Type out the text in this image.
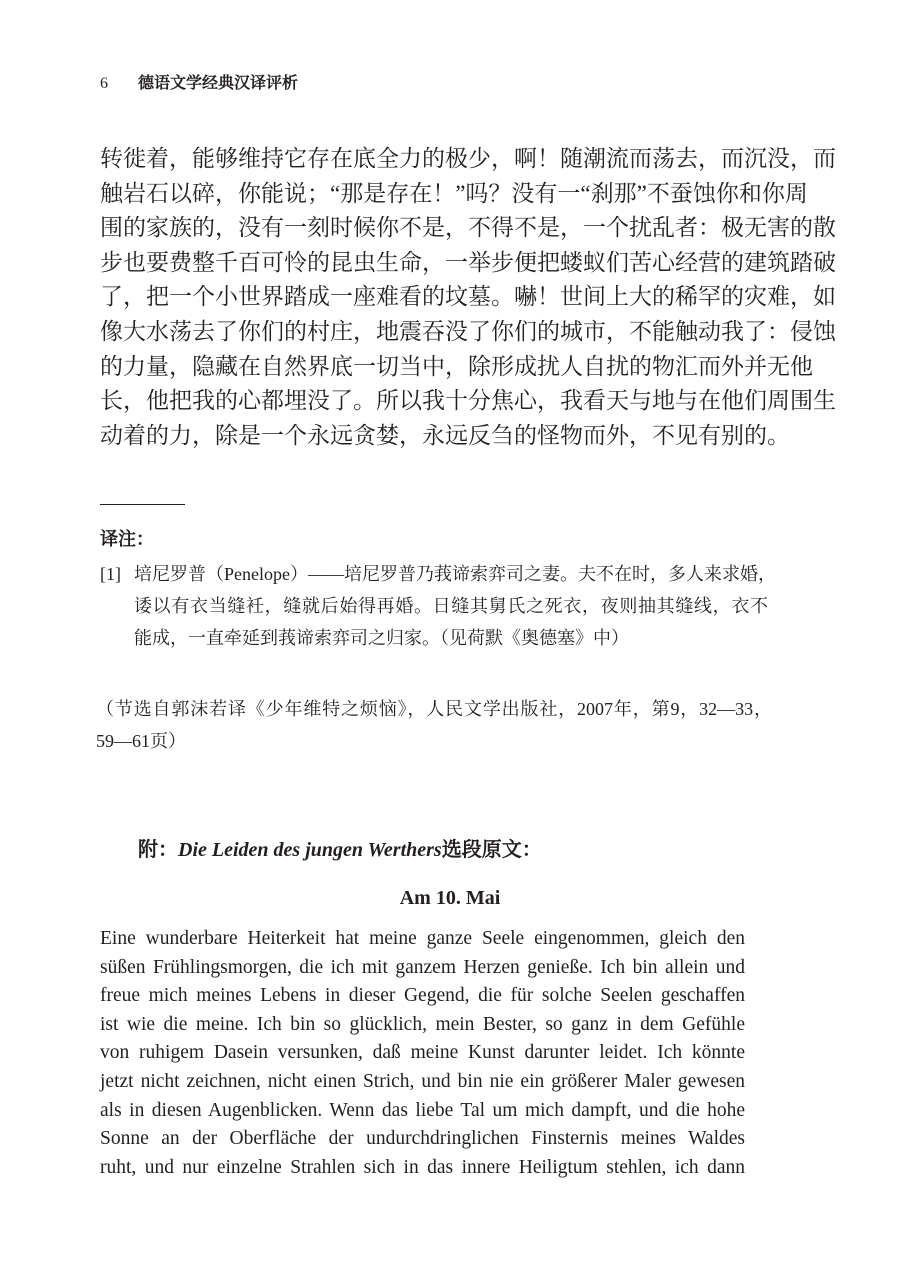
6 德语文学经典汉译评析
转徙着，能够维持它存在底全力的极少，啊！随潮流而荡去，而沉没，而
触岩石以碎，你能说；“那是存在！”吗？没有一“刹那”不蚕蚀你和你周
围的家族的，没有一刻时候你不是，不得不是，一个扰乱者：极无害的散
步也要费整千百可怜的昆虫生命，一举步便把蝼蚁们苦心经营的建筑踏破
了，把一个小世界踏成一座难看的坟墓。嚇！世间上大的稀罕的灾难，如
像大水荡去了你们的村庄，地震吞没了你们的城市，不能触动我了：侵蚀
的力量，隐藏在自然界底一切当中，除形成扰人自扰的物汇而外并无他
长，他把我的心都埋没了。所以我十分焦心，我看天与地与在他们周围生
动着的力，除是一个永远贪婪，永远反刍的怪物而外，不见有别的。
译注：
[1] 培尼罗普（Penelope）——培尼罗普乃莪谛索弈司之妻。夫不在时，多人来求婚，
诿以有衣当缝衽，缝就后始得再婚。日缝其舅氏之死衣，夜则抽其缝线，衣不
能成，一直牵延到莪谛索弈司之归家。（见荷默《奥德塞》中）
（节选自郭沫若译《少年维特之烦恼》，人民文学出版社，2007年，第9，32—33，
59—61页）
附：Die Leiden des jungen Werthers选段原文：
Am 10. Mai
Eine wunderbare Heiterkeit hat meine ganze Seele eingenommen, gleich den
süßen Frühlingsmorgen, die ich mit ganzem Herzen genieße. Ich bin allein und
freue mich meines Lebens in dieser Gegend, die für solche Seelen geschaffen
ist wie die meine. Ich bin so glücklich, mein Bester, so ganz in dem Gefühle
von ruhigem Dasein versunken, daß meine Kunst darunter leidet. Ich könnte
jetzt nicht zeichnen, nicht einen Strich, und bin nie ein größerer Maler gewesen
als in diesen Augenblicken. Wenn das liebe Tal um mich dampft, und die hohe
Sonne an der Oberfläche der undurchdringlichen Finsternis meines Waldes
ruht, und nur einzelne Strahlen sich in das innere Heiligtum stehlen, ich dann
